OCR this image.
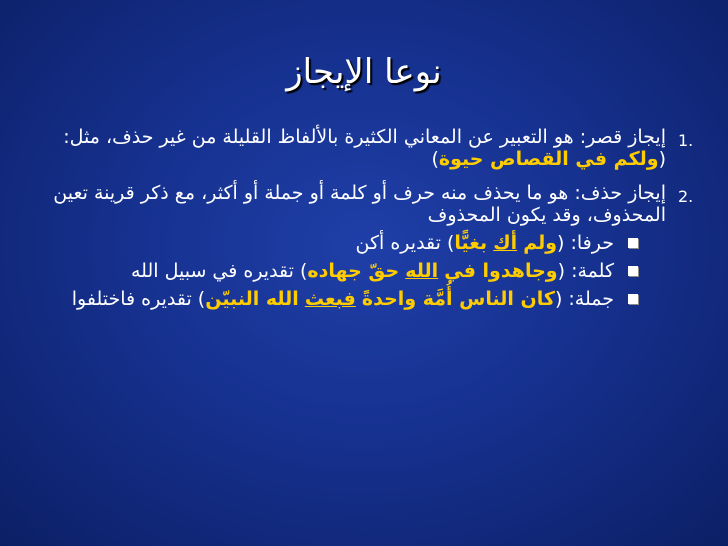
نوعا الإيجاز
1.
إيجاز قصر: هو التعبير عن المعاني الكثيرة بالألفاظ القليلة من غير حذف، مثل: (ولكم في القصاص حيوة)
2.
إيجاز حذف: هو ما يحذف منه حرف أو كلمة أو جملة أو أكثر، مع ذكر قرينة تعين المحذوف، وقد يكون المحذوف
حرفا: (ولم أك بغيًّا) تقديره أكن
كلمة: (وجاهدوا في الله حقّ جهاده) تقديره في سبيل الله
جملة: (كان الناس أُمَّة واحدةً فبعث الله النبيّن) تقديره فاختلفوا
